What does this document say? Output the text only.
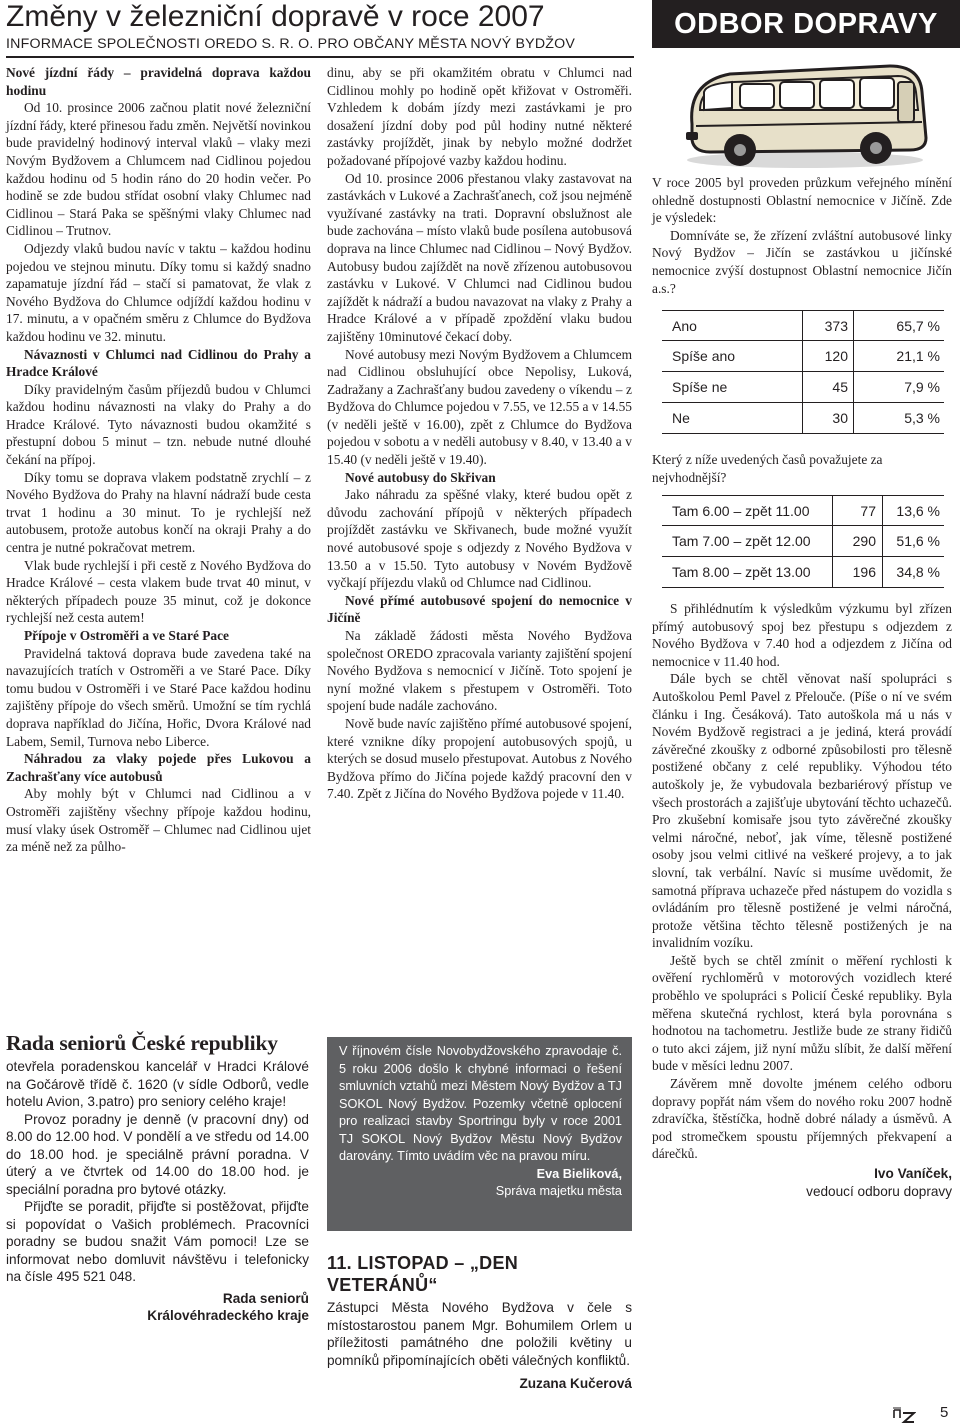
Změny v železniční dopravě v roce 2007
INFORMACE SPOLEČNOSTI OREDO S. R. O. PRO OBČANY MĚSTA NOVÝ BYDŽOV
ODBOR DOPRAVY
Nové jízdní řády – pravidelná doprava každou hodinu

Od 10. prosince 2006 začnou platit nové železniční jízdní řády, které přinesou řadu změn. Největší novinkou bude pravidelný hodinový interval vlaků – vlaky mezi Novým Bydžovem a Chlumcem nad Cidlinou pojedou každou hodinu od 5 hodin ráno do 20 hodin večer. Po hodině se zde budou střídat osobní vlaky Chlumec nad Cidlinou – Stará Paka se spěšnými vlaky Chlumec nad Cidlinou – Trutnov.

Odjezdy vlaků budou navíc v taktu – každou hodinu pojedou ve stejnou minutu. Díky tomu si každý snadno zapamatuje jízdní řád – stačí si pamatovat, že vlak z Nového Bydžova do Chlumce odjíždí každou hodinu v 17. minutu, a v opačném směru z Chlumce do Bydžova každou hodinu ve 32. minutu.

Návaznosti v Chlumci nad Cidlinou do Prahy a Hradce Králové

Díky pravidelným časům příjezdů budou v Chlumci každou hodinu návaznosti na vlaky do Prahy a do Hradce Králové. Tyto návaznosti budou okamžité s přestupní dobou 5 minut – tzn. nebude nutné dlouhé čekání na přípoj.

Díky tomu se doprava vlakem podstatně zrychlí – z Nového Bydžova do Prahy na hlavní nádraží bude cesta trvat 1 hodinu a 30 minut. To je rychlejší než autobusem, protože autobus končí na okraji Prahy a do centra je nutné pokračovat metrem.

Vlak bude rychlejší i při cestě z Nového Bydžova do Hradce Králové – cesta vlakem bude trvat 40 minut, v některých případech pouze 35 minut, což je dokonce rychlejší než cesta autem!

Přípoje v Ostroměři a ve Staré Pace

Pravidelná taktová doprava bude zavedena také na navazujících tratích v Ostroměři a ve Staré Pace. Díky tomu budou v Ostroměři i ve Staré Pace každou hodinu zajištěny přípoje do všech směrů. Umožní se tím rychlá doprava například do Jičína, Hořic, Dvora Králové nad Labem, Semil, Turnova nebo Liberce.

Náhradou za vlaky pojede přes Lukovou a Zachrašťany více autobusů

Aby mohly být v Chlumci nad Cidlinou a v Ostroměři zajištěny všechny přípoje každou hodinu, musí vlaky úsek Ostroměř – Chlumec nad Cidlinou ujet za méně než za půlho-

dinu, aby se při okamžitém obratu v Chlumci nad Cidlinou mohly po hodině opět křižovat v Ostroměři. Vzhledem k dobám jízdy mezi zastávkami je pro dosažení jízdní doby pod půl hodiny nutné některé zastávky projíždět, jinak by nebylo možné dodržet požadované přípojové vazby každou hodinu.

Od 10. prosince 2006 přestanou vlaky zastavovat na zastávkách v Lukové a Zachrašťanech, což jsou nejméně využívané zastávky na trati. Dopravní obslužnost ale bude zachována – místo vlaků bude posílena autobusová doprava na lince Chlumec nad Cidlinou – Nový Bydžov. Autobusy budou zajíždět na nově zřízenou autobusovou zastávku v Lukové. V Chlumci nad Cidlinou budou zajíždět k nádraží a budou navazovat na vlaky z Prahy a Hradce Králové a v případě zpoždění vlaku budou zajištěny 10minutové čekací doby.

Nové autobusy mezi Novým Bydžovem a Chlumcem nad Cidlinou obsluhující obce Nepolisy, Luková, Zadražany a Zachrašťany budou zavedeny o víkendu – z Bydžova do Chlumce pojedou v 7.55, ve 12.55 a v 14.55 (v neděli ještě v 16.00), zpět z Chlumce do Bydžova pojedou v sobotu a v neděli autobusy v 8.40, v 13.40 a v 15.40 (v neděli ještě v 19.40).

Nové autobusy do Skřivan

Jako náhradu za spěšné vlaky, které budou opět z důvodu zachování přípojů v některých případech projíždět zastávku ve Skřivanech, bude možné využít nové autobusové spoje s odjezdy z Nového Bydžova v 13.50 a v 15.50. Tyto autobusy v Novém Bydžově vyčkají příjezdu vlaků od Chlumce nad Cidlinou.

Nové přímé autobusové spojení do nemocnice v Jičíně

Na základě žádosti města Nového Bydžova společnost OREDO zpracovala varianty zajištění spojení Nového Bydžova s nemocnicí v Jičíně. Toto spojení je nyní možné vlakem s přestupem v Ostroměři. Toto spojení bude nadále zachováno.

Nově bude navíc zajištěno přímé autobusové spojení, které vznikne díky propojení autobusových spojů, u kterých se dosud muselo přestupovat. Autobus z Nového Bydžova přímo do Jičína pojede každý pracovní den v 7.40. Zpět z Jičína do Nového Bydžova pojede v 11.40.

Rada seniorů České republiky

otevřela poradenskou kancelář v Hradci Králové na Gočárově třídě č. 1620 (v sídle Odborů, vedle hotelu Avion, 3.patro) pro seniory celého kraje!

Provoz poradny je denně (v pracovní dny) od 8.00 do 12.00 hod. V pondělí a ve středu od 14.00 do 18.00 hod. je speciálně právní poradna. V úterý a ve čtvrtek od 14.00 do 18.00 hod. je speciální poradna pro bytové otázky.

Přijďte se poradit, přijďte si postěžovat, přijďte si popovídat o Vašich problémech. Pracovníci poradny se budou snažit Vám pomoci! Lze se informovat nebo domluvit návštěvu i telefonicky na čísle 495 521 048.

Rada seniorů
Královéhradeckého kraje

V říjnovém čísle Novobydžovského zpravodaje č. 5 roku 2006 došlo k chybné informaci o řešení smluvních vztahů mezi Městem Nový Bydžov a TJ SOKOL Nový Bydžov. Pozemky včetně oplocení pro realizaci stavby Sportringu byly v roce 2001 TJ SOKOL Nový Bydžov Městu Nový Bydžov darovány. Tímto uvádím věc na pravou míru.

Eva Bieliková,
Správa majetku města
11. LISTOPAD – „DEN VETERÁNŮ“

Zástupci Města Nového Bydžova v čele s místostarostou panem Mgr. Bohumilem Orlem u příležitosti památného dne položili květiny u pomníků připomínajících oběti válečných konfliktů.

Zuzana Kučerová

V roce 2005 byl proveden průzkum veřejného mínění ohledně dostupnosti Oblastní nemocnice v Jičíně. Zde je výsledek:

Domníváte se, že zřízení zvláštní autobusové linky Nový Bydžov – Jičín se zastávkou u jičínské nemocnice zvýší dostupnost Oblastní nemocnice Jičín a.s.?

Ano	373	65,7 %
Spíše ano	120	21,1 %
Spíše ne	45	7,9 %
Ne	30	5,3 %
Který z níže uvedených časů považujete za nejvhodnější?
Tam 6.00 – zpět 11.00	77 13,6 %
Tam 7.00 – zpět 12.00	290 51,6 %
Tam 8.00 – zpět 13.00	196 34,8 %

S přihlédnutím k výsledkům výzkumu byl zřízen přímý autobusový spoj bez přestupu s odjezdem z Nového Bydžova v 7.40 hod a odjezdem z Jičína od nemocnice v 11.40 hod.

Dále bych se chtěl věnovat naší spolupráci s Autoškolou Peml Pavel z Přelouče. (Píše o ní ve svém článku i Ing. Česáková). Tato autoškola má u nás v Novém Bydžově registraci a je jediná, která provádí závěrečné zkoušky z odborné způsobilosti pro tělesně postižené občany z celé republiky. Výhodou této autoškoly je, že vybudovala bezbariérový přístup ve všech prostorách a zajišťuje ubytování těchto uchazečů. Pro zkušební komisaře jsou tyto závěrečné zkoušky velmi náročné, neboť, jak víme, tělesně postižené osoby jsou velmi citlivé na veškeré projevy, a to jak slovní, tak verbální. Navíc si musíme uvědomit, že samotná příprava uchazeče před nástupem do vozidla s ovládáním pro tělesně postižené je velmi náročná, protože většina těchto tělesně postižených je na invalidním vozíku.

Ještě bych se chtěl zmínit o měření rychlosti k ověření rychloměrů v motorových vozidlech které proběhlo ve spolupráci s Policií České republiky. Byla měřena skutečná rychlost, která byla porovnána s hodnotou na tachometru. Jestliže bude ze strany řidičů o tuto akci zájem, již nyní můžu slíbit, že další měření bude v měsíci lednu 2007.

Závěrem mně dovolte jménem celého odboru dopravy popřát nám všem do nového roku 2007 hodně zdravíčka, štěstíčka, hodně dobré nálady a úsměvů. A pod stromečkem spoustu příjemných překvapení a dárečků.

Ivo Vaníček,
vedoucí odboru dopravy
5
